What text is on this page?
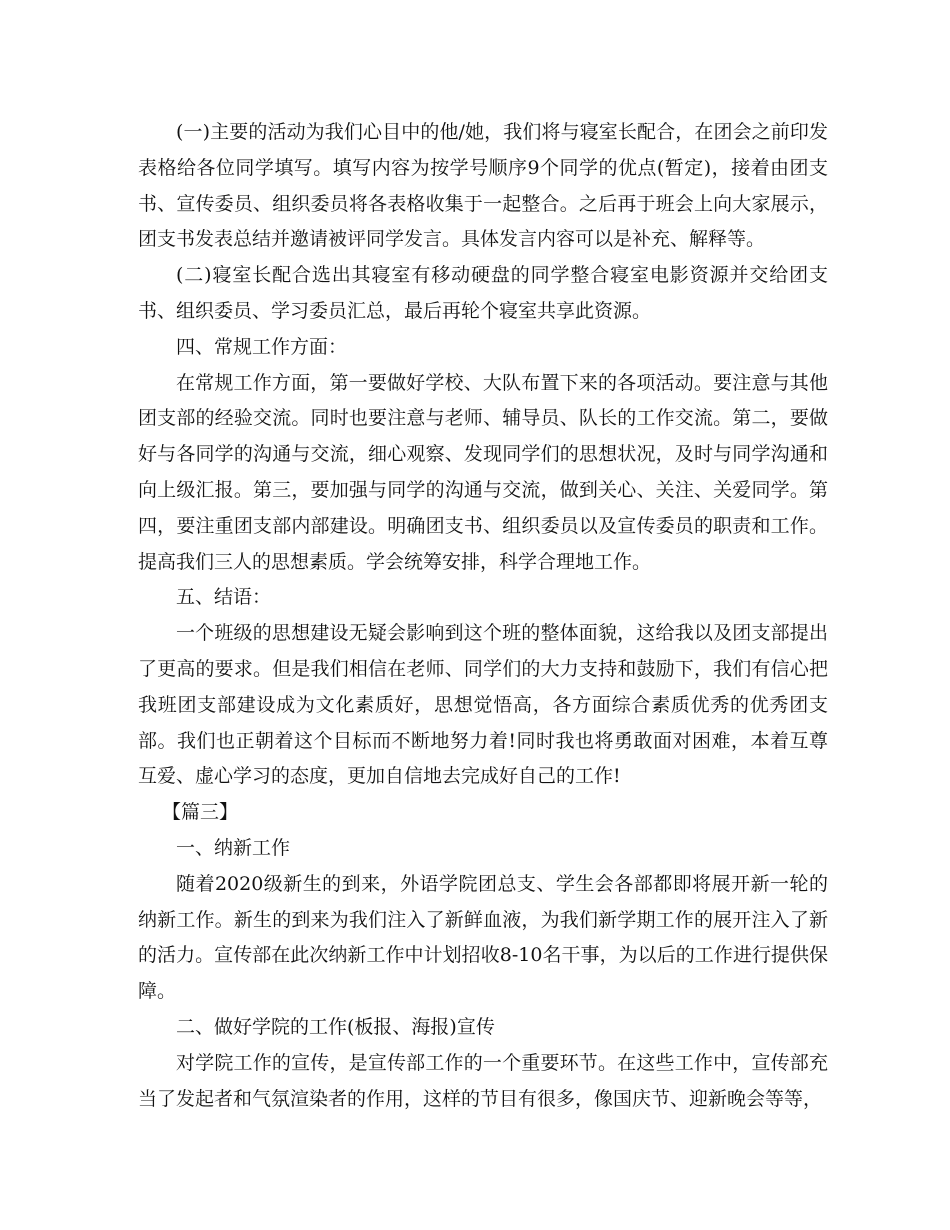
(一)主要的活动为我们心目中的他/她，我们将与寝室长配合，在团会之前印发表格给各位同学填写。填写内容为按学号顺序9个同学的优点(暂定)，接着由团支书、宣传委员、组织委员将各表格收集于一起整合。之后再于班会上向大家展示，团支书发表总结并邀请被评同学发言。具体发言内容可以是补充、解释等。

(二)寝室长配合选出其寝室有移动硬盘的同学整合寝室电影资源并交给团支书、组织委员、学习委员汇总，最后再轮个寝室共享此资源。

四、常规工作方面：

在常规工作方面，第一要做好学校、大队布置下来的各项活动。要注意与其他团支部的经验交流。同时也要注意与老师、辅导员、队长的工作交流。第二，要做好与各同学的沟通与交流，细心观察、发现同学们的思想状况，及时与同学沟通和向上级汇报。第三，要加强与同学的沟通与交流，做到关心、关注、关爱同学。第四，要注重团支部内部建设。明确团支书、组织委员以及宣传委员的职责和工作。提高我们三人的思想素质。学会统筹安排，科学合理地工作。

五、结语：

一个班级的思想建设无疑会影响到这个班的整体面貌，这给我以及团支部提出了更高的要求。但是我们相信在老师、同学们的大力支持和鼓励下，我们有信心把我班团支部建设成为文化素质好，思想觉悟高，各方面综合素质优秀的优秀团支部。我们也正朝着这个目标而不断地努力着!同时我也将勇敢面对困难，本着互尊互爱、虚心学习的态度，更加自信地去完成好自己的工作!

【篇三】

一、纳新工作

随着2020级新生的到来，外语学院团总支、学生会各部都即将展开新一轮的纳新工作。新生的到来为我们注入了新鲜血液，为我们新学期工作的展开注入了新的活力。宣传部在此次纳新工作中计划招收8-10名干事，为以后的工作进行提供保障。

二、做好学院的工作(板报、海报)宣传

对学院工作的宣传，是宣传部工作的一个重要环节。在这些工作中，宣传部充当了发起者和气氛渲染者的作用，这样的节目有很多，像国庆节、迎新晚会等等，
